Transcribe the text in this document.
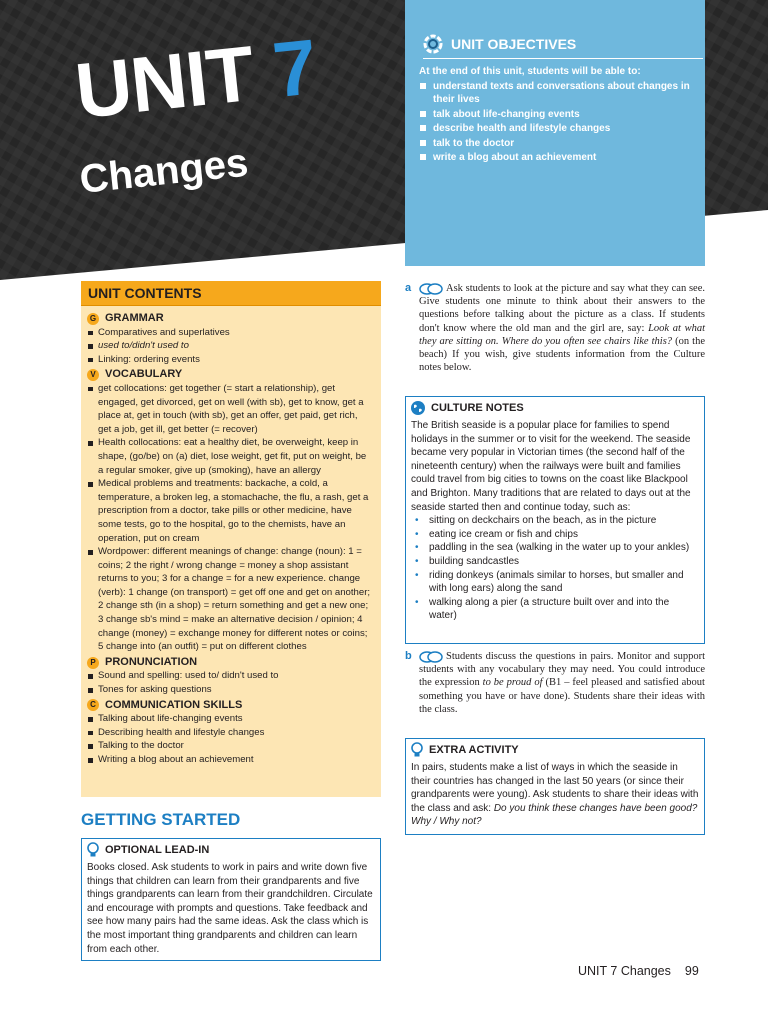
UNIT 7
Changes
UNIT OBJECTIVES
At the end of this unit, students will be able to:
understand texts and conversations about changes in their lives
talk about life-changing events
describe health and lifestyle changes
talk to the doctor
write a blog about an achievement
UNIT CONTENTS
G GRAMMAR
Comparatives and superlatives
used to/didn't used to
Linking: ordering events
V VOCABULARY
get collocations: get together (= start a relationship), get engaged, get divorced, get on well (with sb), get to know, get a place at, get in touch (with sb), get an offer, get paid, get rich, get a job, get ill, get better (= recover)
Health collocations: eat a healthy diet, be overweight, keep in shape, (go/be) on (a) diet, lose weight, get fit, put on weight, be a regular smoker, give up (smoking), have an allergy
Medical problems and treatments: backache, a cold, a temperature, a broken leg, a stomachache, the flu, a rash, get a prescription from a doctor, take pills or other medicine, have some tests, go to the hospital, go to the chemists, have an operation, put on cream
Wordpower: different meanings of change: change (noun): 1 = coins; 2 the right / wrong change = money a shop assistant returns to you; 3 for a change = for a new experience. change (verb): 1 change (on transport) = get off one and get on another; 2 change sth (in a shop) = return something and get a new one; 3 change sb's mind = make an alternative decision / opinion; 4 change (money) = exchange money for different notes or coins; 5 change into (an outfit) = put on different clothes
P PRONUNCIATION
Sound and spelling: used to/ didn't used to
Tones for asking questions
C COMMUNICATION SKILLS
Talking about life-changing events
Describing health and lifestyle changes
Talking to the doctor
Writing a blog about an achievement
GETTING STARTED
OPTIONAL LEAD-IN
Books closed. Ask students to work in pairs and write down five things that children can learn from their grandparents and five things grandparents can learn from their grandchildren. Circulate and encourage with prompts and questions. Take feedback and see how many pairs had the same ideas. Ask the class which is the most important thing grandparents and children can learn from each other.
a	Ask students to look at the picture and say what they can see. Give students one minute to think about their answers to the questions before talking about the picture as a class. If students don't know where the old man and the girl are, say: Look at what they are sitting on. Where do you often see chairs like this? (on the beach) If you wish, give students information from the Culture notes below.
CULTURE NOTES
The British seaside is a popular place for families to spend holidays in the summer or to visit for the weekend. The seaside became very popular in Victorian times (the second half of the nineteenth century) when the railways were built and families could travel from big cities to towns on the coast like Blackpool and Brighton. Many traditions that are related to days out at the seaside started then and continue today, such as:
• sitting on deckchairs on the beach, as in the picture
• eating ice cream or fish and chips
• paddling in the sea (walking in the water up to your ankles)
• building sandcastles
• riding donkeys (animals similar to horses, but smaller and with long ears) along the sand
• walking along a pier (a structure built over and into the water)
b	Students discuss the questions in pairs. Monitor and support students with any vocabulary they may need. You could introduce the expression to be proud of (B1 – feel pleased and satisfied about something you have or have done). Students share their ideas with the class.
EXTRA ACTIVITY
In pairs, students make a list of ways in which the seaside in their countries has changed in the last 50 years (or since their grandparents were young). Ask students to share their ideas with the class and ask: Do you think these changes have been good? Why / Why not?
UNIT 7 Changes 99
